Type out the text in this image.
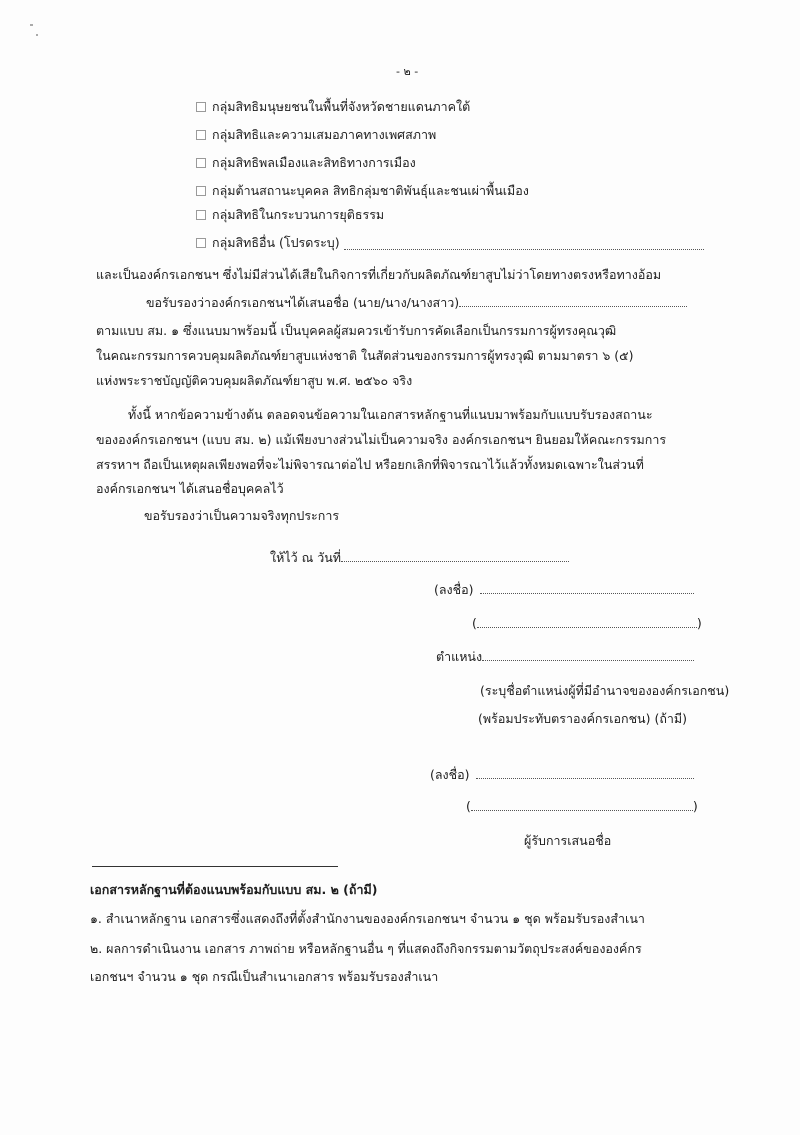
- ๒ -
กลุ่มสิทธิมนุษยชนในพื้นที่จังหวัดชายแดนภาคใต้
กลุ่มสิทธิและความเสมอภาคทางเพศสภาพ
กลุ่มสิทธิพลเมืองและสิทธิทางการเมือง
กลุ่มต้านสถานะบุคคล สิทธิกลุ่มชาติพันธุ์และชนเผ่าพื้นเมือง
กลุ่มสิทธิในกระบวนการยุติธรรม
กลุ่มสิทธิอื่น (โปรดระบุ)
และเป็นองค์กรเอกชนฯ ซึ่งไม่มีส่วนได้เสียในกิจการที่เกี่ยวกับผลิตภัณฑ์ยาสูบไม่ว่าโดยทางตรงหรือทางอ้อม
ขอรับรองว่าองค์กรเอกชนฯได้เสนอชื่อ (นาย/นาง/นางสาว)
ตามแบบ สม. ๑ ซึ่งแนบมาพร้อมนี้ เป็นบุคคลผู้สมควรเข้ารับการคัดเลือกเป็นกรรมการผู้ทรงคุณวุฒิ
ในคณะกรรมการควบคุมผลิตภัณฑ์ยาสูบแห่งชาติ ในสัดส่วนของกรรมการผู้ทรงวุฒิ ตามมาตรา ๖ (๕)
แห่งพระราชบัญญัติควบคุมผลิตภัณฑ์ยาสูบ พ.ศ. ๒๕๖๐ จริง
ทั้งนี้ หากข้อความข้างต้น ตลอดจนข้อความในเอกสารหลักฐานที่แนบมาพร้อมกับแบบรับรองสถานะ
ขององค์กรเอกชนฯ (แบบ สม. ๒) แม้เพียงบางส่วนไม่เป็นความจริง องค์กรเอกชนฯ ยินยอมให้คณะกรรมการ
สรรหาฯ ถือเป็นเหตุผลเพียงพอที่จะไม่พิจารณาต่อไป หรือยกเลิกที่พิจารณาไว้แล้วทั้งหมดเฉพาะในส่วนที่
องค์กรเอกชนฯ ได้เสนอชื่อบุคคลไว้
ขอรับรองว่าเป็นความจริงทุกประการ
ให้ไว้ ณ วันที่
(ลงชื่อ)
(	)
ตำแหน่ง
(ระบุชื่อตำแหน่งผู้ที่มีอำนาจขององค์กรเอกชน)
(พร้อมประทับตราองค์กรเอกชน) (ถ้ามี)
(ลงชื่อ)
(	)
ผู้รับการเสนอชื่อ
เอกสารหลักฐานที่ต้องแนบพร้อมกับแบบ สม. ๒ (ถ้ามี)
๑. สำเนาหลักฐาน เอกสารซึ่งแสดงถึงที่ตั้งสำนักงานขององค์กรเอกชนฯ จำนวน ๑ ชุด พร้อมรับรองสำเนา
๒. ผลการดำเนินงาน เอกสาร ภาพถ่าย หรือหลักฐานอื่น ๆ ที่แสดงถึงกิจกรรมตามวัตถุประสงค์ขององค์กร
เอกชนฯ จำนวน ๑ ชุด กรณีเป็นสำเนาเอกสาร พร้อมรับรองสำเนา
